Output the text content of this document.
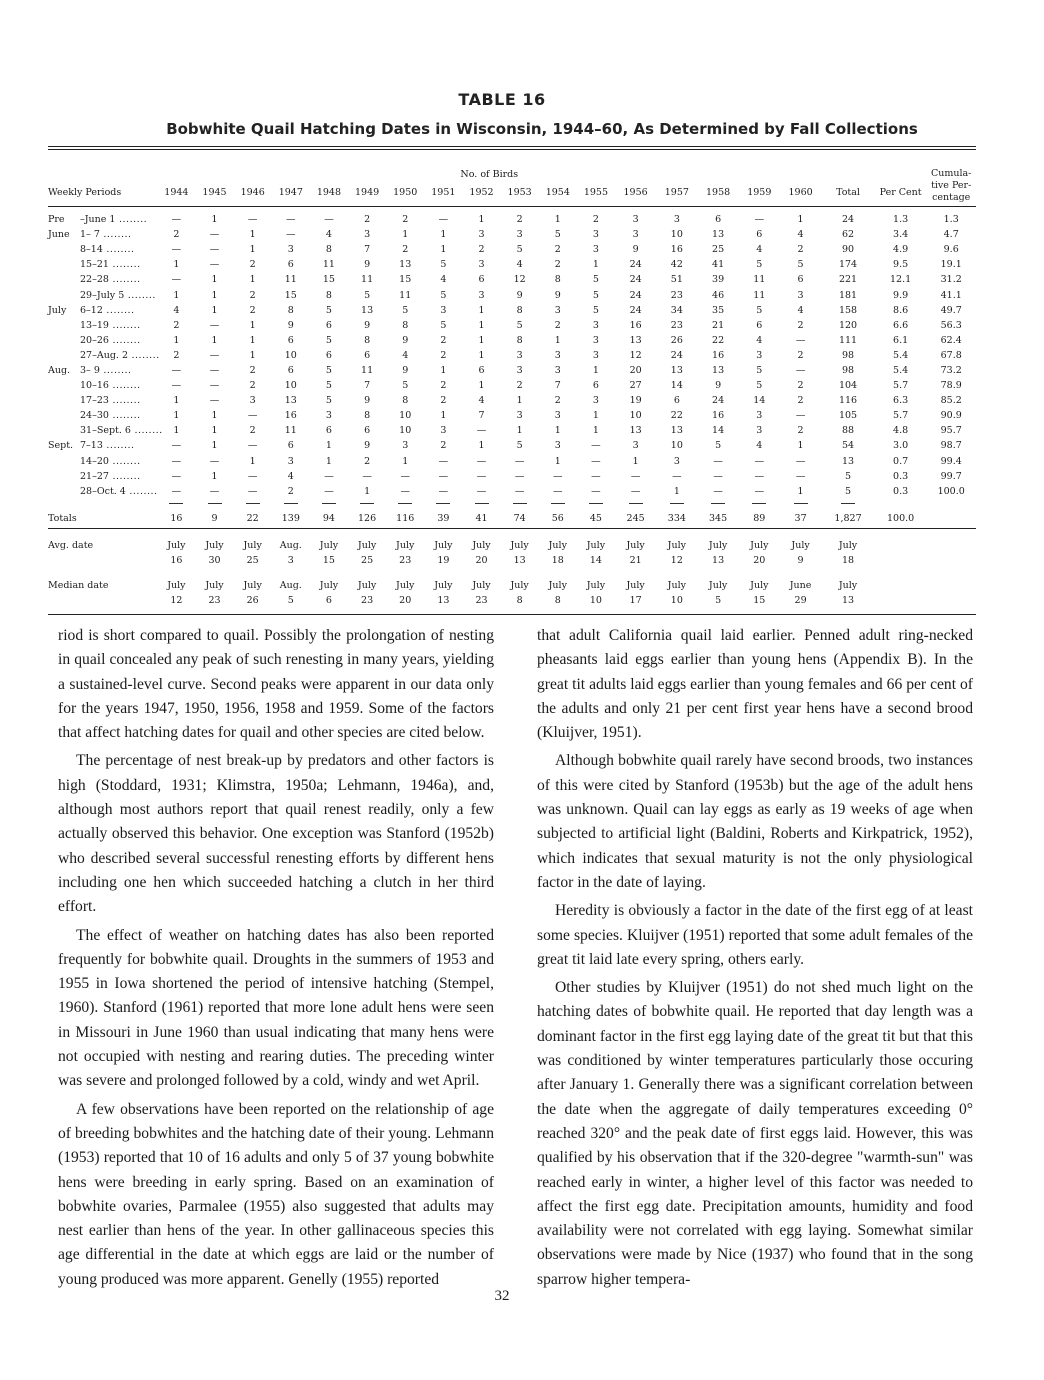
TABLE 16
Bobwhite Quail Hatching Dates in Wisconsin, 1944–60, As Determined by Fall Collections
	No. of Birds																			Cumula-tive Per-centage
Weekly Periods	1944	1945	1946	1947	1948	1949	1950	1951	1952	1953	1954	1955	1956	1957	1958	1959	1960	Total	Per Cent	

Pre –June 1 ........	—	1	—	—	—	2	2	—	1	2	1	2	3	3	6	—	1	24	1.3	1.3
June 1– 7 ........	2	—	1	—	4	3	1	1	3	3	5	3	3	10	13	6	4	62	3.4	4.7
8–14 ........	—	—	1	3	8	7	2	1	2	5	2	3	9	16	25	4	2	90	4.9	9.6
15–21 ........	1	—	2	6	11	9	13	5	3	4	2	1	24	42	41	5	5	174	9.5	19.1
22–28 ........	—	1	1	11	15	11	15	4	6	12	8	5	24	51	39	11	6	221	12.1	31.2
29–July 5 ........	1	1	2	15	8	5	11	5	3	9	9	5	24	23	46	11	3	181	9.9	41.1
July 6–12 ........	4	1	2	8	5	13	5	3	1	8	3	5	24	34	35	5	4	158	8.6	49.7
13–19 ........	2	—	1	9	6	9	8	5	1	5	2	3	16	23	21	6	2	120	6.6	56.3
20–26 ........	1	1	1	6	5	8	9	2	1	8	1	3	13	26	22	4	—	111	6.1	62.4
27–Aug. 2 ........	2	—	1	10	6	6	4	2	1	3	3	3	12	24	16	3	2	98	5.4	67.8
Aug. 3– 9 ........	—	—	2	6	5	11	9	1	6	3	3	1	20	13	13	5	—	98	5.4	73.2
10–16 ........	—	—	2	10	5	7	5	2	1	2	7	6	27	14	9	5	2	104	5.7	78.9
17–23 ........	1	—	3	13	5	9	8	2	4	1	2	3	19	6	24	14	2	116	6.3	85.2
24–30 ........	1	1	—	16	3	8	10	1	7	3	3	1	10	22	16	3	—	105	5.7	90.9
31–Sept. 6 ........	1	1	2	11	6	6	10	3	—	1	1	1	13	13	14	3	2	88	4.8	95.7
Sept. 7–13 ........	—	1	—	6	1	9	3	2	1	5	3	—	3	10	5	4	1	54	3.0	98.7
14–20 ........	—	—	1	3	1	2	1	—	—	—	1	—	1	3	—	—	—	13	0.7	99.4
21–27 ........	—	1	—	4	—	—	—	—	—	—	—	—	—	—	—	—	—	5	0.3	99.7
28–Oct. 4 ........	—	—	—	2	—	1	—	—	—	—	—	—	—	1	—	—	1	5	0.3	100.0

Totals	16	9	22	139	94	126	116	39	41	74	56	45	245	334	345	89	37	1,827	100.0	

Avg. date	July	July	July	Aug.	July	July	July	July	July	July	July	July	July	July	July	July	July	July		
	16	30	25	3	15	25	23	19	20	13	18	14	21	12	13	20	9	18		

Median date	July	July	July	Aug.	July	July	July	July	July	July	July	July	July	July	July	July	June	July		
	12	23	26	5	6	23	20	13	23	8	8	10	17	10	5	15	29	13		

riod is short compared to quail. Possibly the prolongation of nesting in quail concealed any peak of such renesting in many years, yielding a sustained-level curve. Second peaks were apparent in our data only for the years 1947, 1950, 1956, 1958 and 1959. Some of the factors that affect hatching dates for quail and other species are cited below.

The percentage of nest break-up by predators and other factors is high (Stoddard, 1931; Klimstra, 1950a; Lehmann, 1946a), and, although most authors report that quail renest readily, only a few actually observed this behavior. One exception was Stanford (1952b) who described several successful renesting efforts by different hens including one hen which succeeded hatching a clutch in her third effort.

The effect of weather on hatching dates has also been reported frequently for bobwhite quail. Droughts in the summers of 1953 and 1955 in Iowa shortened the period of intensive hatching (Stempel, 1960). Stanford (1961) reported that more lone adult hens were seen in Missouri in June 1960 than usual indicating that many hens were not occupied with nesting and rearing duties. The preceding winter was severe and prolonged followed by a cold, windy and wet April.

A few observations have been reported on the relationship of age of breeding bobwhites and the hatching date of their young. Lehmann (1953) reported that 10 of 16 adults and only 5 of 37 young bobwhite hens were breeding in early spring. Based on an examination of bobwhite ovaries, Parmalee (1955) also suggested that adults may nest earlier than hens of the year. In other gallinaceous species this age differential in the date at which eggs are laid or the number of young produced was more apparent. Genelly (1955) reported

that adult California quail laid earlier. Penned adult ring-necked pheasants laid eggs earlier than young hens (Appendix B). In the great tit adults laid eggs earlier than young females and 66 per cent of the adults and only 21 per cent first year hens have a second brood (Kluijver, 1951).

Although bobwhite quail rarely have second broods, two instances of this were cited by Stanford (1953b) but the age of the adult hens was unknown. Quail can lay eggs as early as 19 weeks of age when subjected to artificial light (Baldini, Roberts and Kirkpatrick, 1952), which indicates that sexual maturity is not the only physiological factor in the date of laying.

Heredity is obviously a factor in the date of the first egg of at least some species. Kluijver (1951) reported that some adult females of the great tit laid late every spring, others early.

Other studies by Kluijver (1951) do not shed much light on the hatching dates of bobwhite quail. He reported that day length was a dominant factor in the first egg laying date of the great tit but that this was conditioned by winter temperatures particularly those occuring after January 1. Generally there was a significant correlation between the date when the aggregate of daily temperatures exceeding 0° reached 320° and the peak date of first eggs laid. However, this was qualified by his observation that if the 320-degree "warmth-sun" was reached early in winter, a higher level of this factor was needed to affect the first egg date. Precipitation amounts, humidity and food availability were not correlated with egg laying. Somewhat similar observations were made by Nice (1937) who found that in the song sparrow higher tempera-

32
